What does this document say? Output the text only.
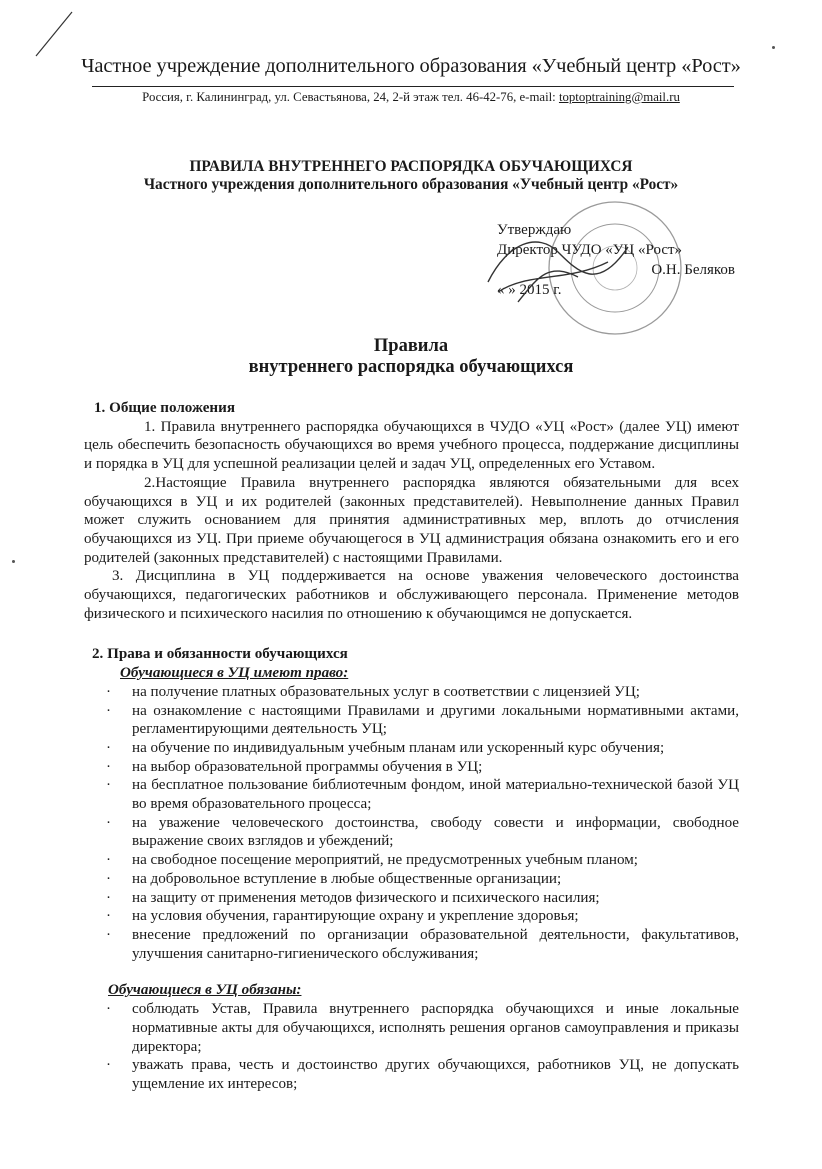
Частное учреждение дополнительного образования «Учебный центр «Рост»
Россия, г. Калининград, ул. Севастьянова, 24, 2-й этаж тел. 46-42-76, e-mail: toptoptraining@mail.ru
ПРАВИЛА ВНУТРЕННЕГО РАСПОРЯДКА ОБУЧАЮЩИХСЯ
Частного учреждения дополнительного образования «Учебный центр «Рост»
Утверждаю
Директор ЧУДО «УЦ «Рост»
О.Н. Беляков
« » 2015 г.
Правила
внутреннего распорядка обучающихся

1. Общие положения

1. Правила внутреннего распорядка обучающихся в ЧУДО «УЦ «Рост» (далее УЦ) имеют цель обеспечить безопасность обучающихся во время учебного процесса, поддержание дисциплины и порядка в УЦ для успешной реализации целей и задач УЦ, определенных его Уставом.

2.Настоящие Правила внутреннего распорядка являются обязательными для всех обучающихся в УЦ и их родителей (законных представителей). Невыполнение данных Правил может служить основанием для принятия административных мер, вплоть до отчисления обучающихся из УЦ. При приеме обучающегося в УЦ администрация обязана ознакомить его и его родителей (законных представителей) с настоящими Правилами.

3. Дисциплина в УЦ поддерживается на основе уважения человеческого достоинства обучающихся, педагогических работников и обслуживающего персонала. Применение методов физического и психического насилия по отношению к обучающимся не допускается.

2. Права и обязанности обучающихся

Обучающиеся в УЦ имеют право:

· на получение платных образовательных услуг в соответствии с лицензией УЦ;

· на ознакомление с настоящими Правилами и другими локальными нормативными актами, регламентирующими деятельность УЦ;

· на обучение по индивидуальным учебным планам или ускоренный курс обучения;

· на выбор образовательной программы обучения в УЦ;

· на бесплатное пользование библиотечным фондом, иной материально-технической базой УЦ во время образовательного процесса;

· на уважение человеческого достоинства, свободу совести и информации, свободное выражение своих взглядов и убеждений;

· на свободное посещение мероприятий, не предусмотренных учебным планом;

· на добровольное вступление в любые общественные организации;

· на защиту от применения методов физического и психического насилия;

· на условия обучения, гарантирующие охрану и укрепление здоровья;

· внесение предложений по организации образовательной деятельности, факультативов, улучшения санитарно-гигиенического обслуживания;

Обучающиеся в УЦ обязаны:

· соблюдать Устав, Правила внутреннего распорядка обучающихся и иные локальные нормативные акты для обучающихся, исполнять решения органов самоуправления и приказы директора;

· уважать права, честь и достоинство других обучающихся, работников УЦ, не допускать ущемление их интересов;
